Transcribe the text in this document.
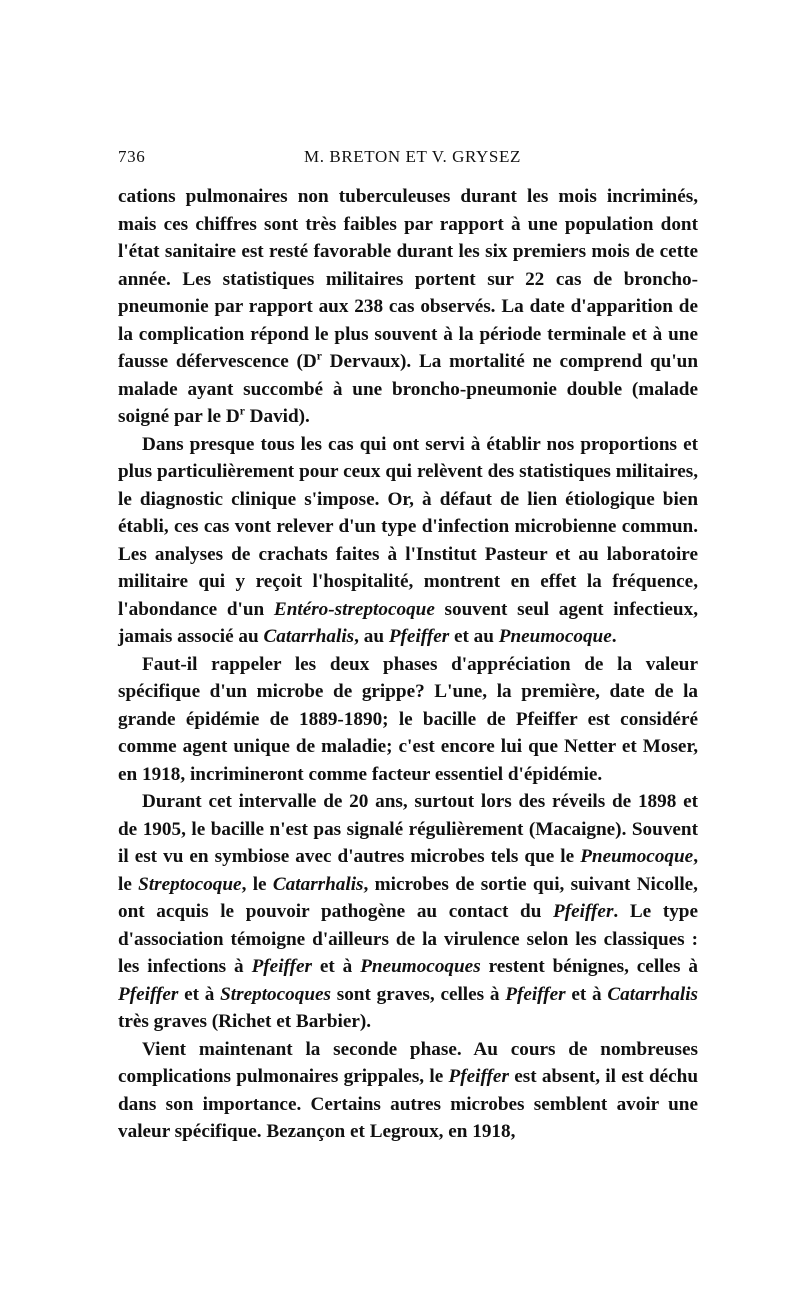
736	M. BRETON ET V. GRYSEZ

cations pulmonaires non tuberculeuses durant les mois incriminés, mais ces chiffres sont très faibles par rapport à une population dont l'état sanitaire est resté favorable durant les six premiers mois de cette année. Les statistiques militaires portent sur 22 cas de broncho-pneumonie par rapport aux 238 cas observés. La date d'apparition de la complication répond le plus souvent à la période terminale et à une fausse défervescence ($D^r$ Dervaux). La mortalité ne comprend qu'un malade ayant succombé à une broncho-pneumonie double (malade soigné par le $D^r$ David).

Dans presque tous les cas qui ont servi à établir nos proportions et plus particulièrement pour ceux qui relèvent des statistiques militaires, le diagnostic clinique s'impose. Or, à défaut de lien étiologique bien établi, ces cas vont relever d'un type d'infection microbienne commun. Les analyses de crachats faites à l'Institut Pasteur et au laboratoire militaire qui y reçoit l'hospitalité, montrent en effet la fréquence, l'abondance d'un Entéro-streptocoque souvent seul agent infectieux, jamais associé au Catarrhalis, au Pfeiffer et au Pneumocoque.

Faut-il rappeler les deux phases d'appréciation de la valeur spécifique d'un microbe de grippe? L'une, la première, date de la grande épidémie de 1889-1890; le bacille de Pfeiffer est considéré comme agent unique de maladie; c'est encore lui que Netter et Moser, en 1918, incrimineront comme facteur essentiel d'épidémie.

Durant cet intervalle de 20 ans, surtout lors des réveils de 1898 et de 1905, le bacille n'est pas signalé régulièrement (Macaigne). Souvent il est vu en symbiose avec d'autres microbes tels que le Pneumocoque, le Streptocoque, le Catarrhalis, microbes de sortie qui, suivant Nicolle, ont acquis le pouvoir pathogène au contact du Pfeiffer. Le type d'association témoigne d'ailleurs de la virulence selon les classiques : les infections à Pfeiffer et à Pneumocoques restent bénignes, celles à Pfeiffer et à Streptocoques sont graves, celles à Pfeiffer et à Catarrhalis très graves (Richet et Barbier).

Vient maintenant la seconde phase. Au cours de nombreuses complications pulmonaires grippales, le Pfeiffer est absent, il est déchu dans son importance. Certains autres microbes semblent avoir une valeur spécifique. Bezançon et Legroux, en 1918,
